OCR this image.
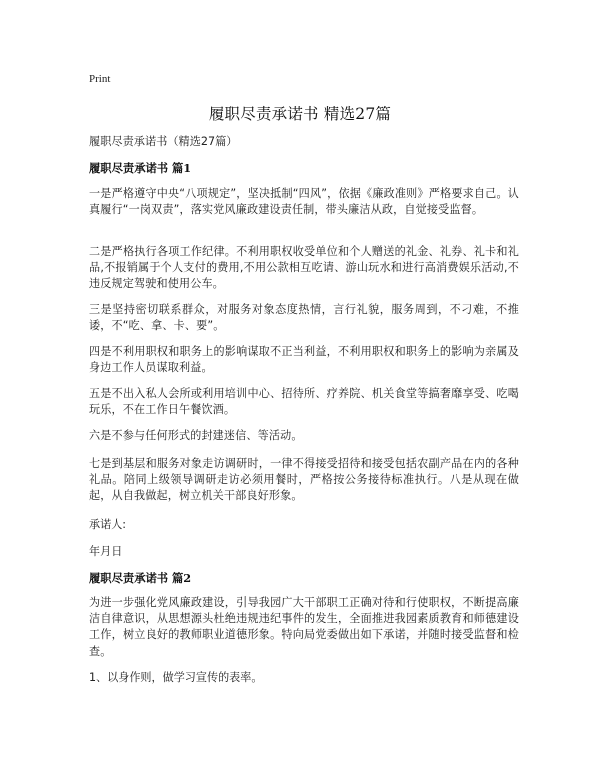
Print
履职尽责承诺书 精选27篇
履职尽责承诺书（精选27篇）
履职尽责承诺书 篇1
一是严格遵守中央“八项规定”，坚决抵制“四风”，依据《廉政准则》严格要求自己。认真履行“一岗双责”，落实党风廉政建设责任制，带头廉洁从政，自觉接受监督。
二是严格执行各项工作纪律。不利用职权收受单位和个人赠送的礼金、礼券、礼卡和礼品,不报销属于个人支付的费用,不用公款相互吃请、游山玩水和进行高消费娱乐活动,不违反规定驾驶和使用公车。
三是坚持密切联系群众，对服务对象态度热情，言行礼貌，服务周到，不刁难，不推诿，不“吃、拿、卡、要”。
四是不利用职权和职务上的影响谋取不正当利益，不利用职权和职务上的影响为亲属及身边工作人员谋取利益。
五是不出入私人会所或利用培训中心、招待所、疗养院、机关食堂等搞奢靡享受、吃喝玩乐，不在工作日午餐饮酒。
六是不参与任何形式的封建迷信、等活动。
七是到基层和服务对象走访调研时，一律不得接受招待和接受包括农副产品在内的各种礼品。陪同上级领导调研走访必须用餐时，严格按公务接待标准执行。八是从现在做起，从自我做起，树立机关干部良好形象。
承诺人:
年月日
履职尽责承诺书 篇2
为进一步强化党风廉政建设，引导我园广大干部职工正确对待和行使职权，不断提高廉洁自律意识，从思想源头杜绝违规违纪事件的发生，全面推进我园素质教育和师德建设工作，树立良好的教师职业道德形象。特向局党委做出如下承诺，并随时接受监督和检查。
1、以身作则，做学习宣传的表率。
